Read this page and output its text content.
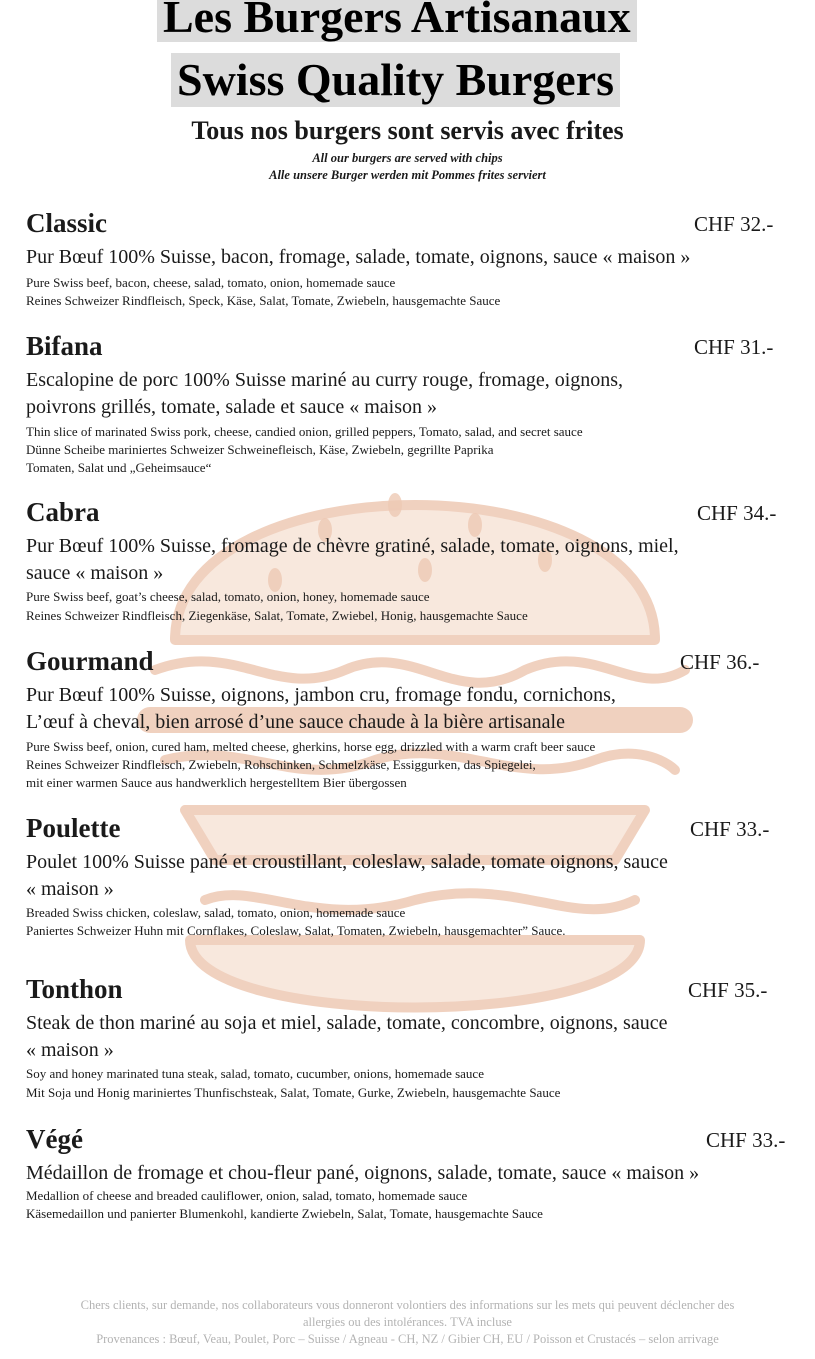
Les Burgers Artisanaux
Swiss Quality Burgers
Tous nos burgers sont servis avec frites
All our burgers are served with chips
Alle unsere Burger werden mit Pommes frites serviert
Classic	CHF 32.-
Pur Bœuf 100% Suisse, bacon, fromage, salade, tomate, oignons, sauce « maison »
Pure Swiss beef, bacon, cheese, salad, tomato, onion, homemade sauce
Reines Schweizer Rindfleisch, Speck, Käse, Salat, Tomate, Zwiebeln, hausgemachte Sauce
Bifana	CHF 31.-
Escalopine de porc 100% Suisse mariné au curry rouge, fromage, oignons,
poivrons grillés, tomate, salade et sauce « maison »
Thin slice of marinated Swiss pork, cheese, candied onion, grilled peppers, Tomato, salad, and secret sauce
Dünne Scheibe mariniertes Schweizer Schweinefleisch, Käse, Zwiebeln, gegrillte Paprika
Tomaten, Salat und „Geheimsauce“
Cabra	CHF 34.-
Pur Bœuf 100% Suisse, fromage de chèvre gratiné, salade, tomate, oignons, miel,
sauce « maison »
Pure Swiss beef, goat’s cheese, salad, tomato, onion, honey, homemade sauce
Reines Schweizer Rindfleisch, Ziegenkäse, Salat, Tomate, Zwiebel, Honig, hausgemachte Sauce
Gourmand	CHF 36.-
Pur Bœuf 100% Suisse, oignons, jambon cru, fromage fondu, cornichons,
L’œuf à cheval, bien arrosé d’une sauce chaude à la bière artisanale
Pure Swiss beef, onion, cured ham, melted cheese, gherkins, horse egg, drizzled with a warm craft beer sauce
Reines Schweizer Rindfleisch, Zwiebeln, Rohschinken, Schmelzkäse, Essiggurken, das Spiegelei,
mit einer warmen Sauce aus handwerklich hergestelltem Bier übergossen
Poulette	CHF 33.-
Poulet 100% Suisse pané et croustillant, coleslaw, salade, tomate oignons, sauce
« maison »
Breaded Swiss chicken, coleslaw, salad, tomato, onion, homemade sauce
Paniertes Schweizer Huhn mit Cornflakes, Coleslaw, Salat, Tomaten, Zwiebeln, hausgemachter” Sauce.
Tonthon	CHF 35.-
Steak de thon mariné au soja et miel, salade, tomate, concombre, oignons, sauce
« maison »
Soy and honey marinated tuna steak, salad, tomato, cucumber, onions, homemade sauce
Mit Soja und Honig mariniertes Thunfischsteak, Salat, Tomate, Gurke, Zwiebeln, hausgemachte Sauce
Végé	CHF 33.-
Médaillon de fromage et chou-fleur pané, oignons, salade, tomate, sauce « maison »
Medallion of cheese and breaded cauliflower, onion, salad, tomato, homemade sauce
Käsemedaillon und panierter Blumenkohl, kandierte Zwiebeln, Salat, Tomate, hausgemachte Sauce
Chers clients, sur demande, nos collaborateurs vous donneront volontiers des informations sur les mets qui peuvent déclencher des
allergies ou des intolérances. TVA incluse
Provenances : Bœuf, Veau, Poulet, Porc – Suisse / Agneau - CH, NZ / Gibier CH, EU / Poisson et Crustacés – selon arrivage
